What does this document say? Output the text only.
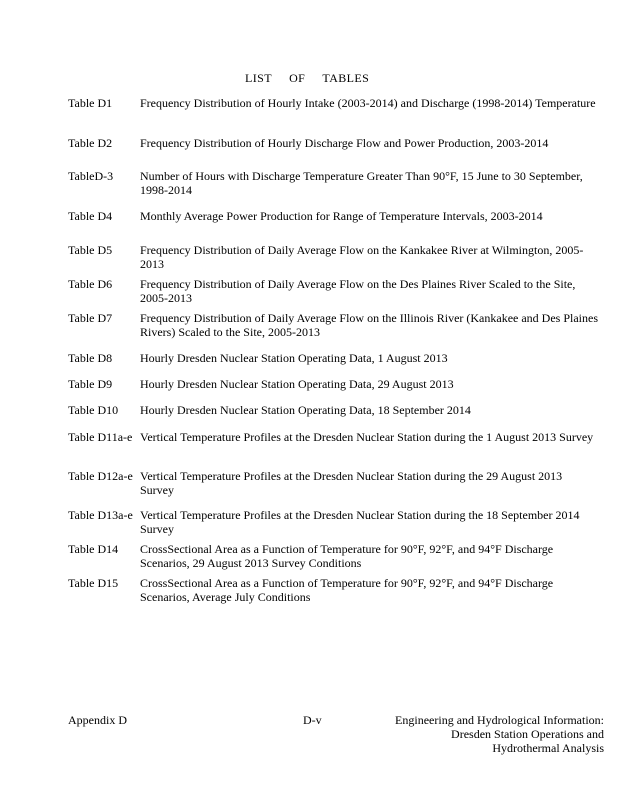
LIST OF TABLES
Table D1	Frequency Distribution of Hourly Intake (2003-2014) and Discharge (1998-2014) Temperature
Table D2	Frequency Distribution of Hourly Discharge Flow and Power Production, 2003-2014
TableD-3	Number of Hours with Discharge Temperature Greater Than 90°F, 15 June to 30 September, 1998-2014
Table D4	Monthly Average Power Production for Range of Temperature Intervals, 2003-2014
Table D5	Frequency Distribution of Daily Average Flow on the Kankakee River at Wilmington, 2005-2013
Table D6	Frequency Distribution of Daily Average Flow on the Des Plaines River Scaled to the Site, 2005-2013
Table D7	Frequency Distribution of Daily Average Flow on the Illinois River (Kankakee and Des Plaines Rivers) Scaled to the Site, 2005-2013
Table D8	Hourly Dresden Nuclear Station Operating Data, 1 August 2013
Table D9	Hourly Dresden Nuclear Station Operating Data, 29 August 2013
Table D10	Hourly Dresden Nuclear Station Operating Data, 18 September 2014
Table D11a-e Vertical Temperature Profiles at the Dresden Nuclear Station during the 1 August 2013 Survey
Table D12a-e Vertical Temperature Profiles at the Dresden Nuclear Station during the 29 August 2013 Survey
Table D13a-e Vertical Temperature Profiles at the Dresden Nuclear Station during the 18 September 2014 Survey
Table D14	CrossSectional Area as a Function of Temperature for 90°F, 92°F, and 94°F Discharge Scenarios, 29 August 2013 Survey Conditions
Table D15	CrossSectional Area as a Function of Temperature for 90°F, 92°F, and 94°F Discharge Scenarios, Average July Conditions
Appendix D	D-v	Engineering and Hydrological Information:
Dresden Station Operations and
Hydrothermal Analysis
